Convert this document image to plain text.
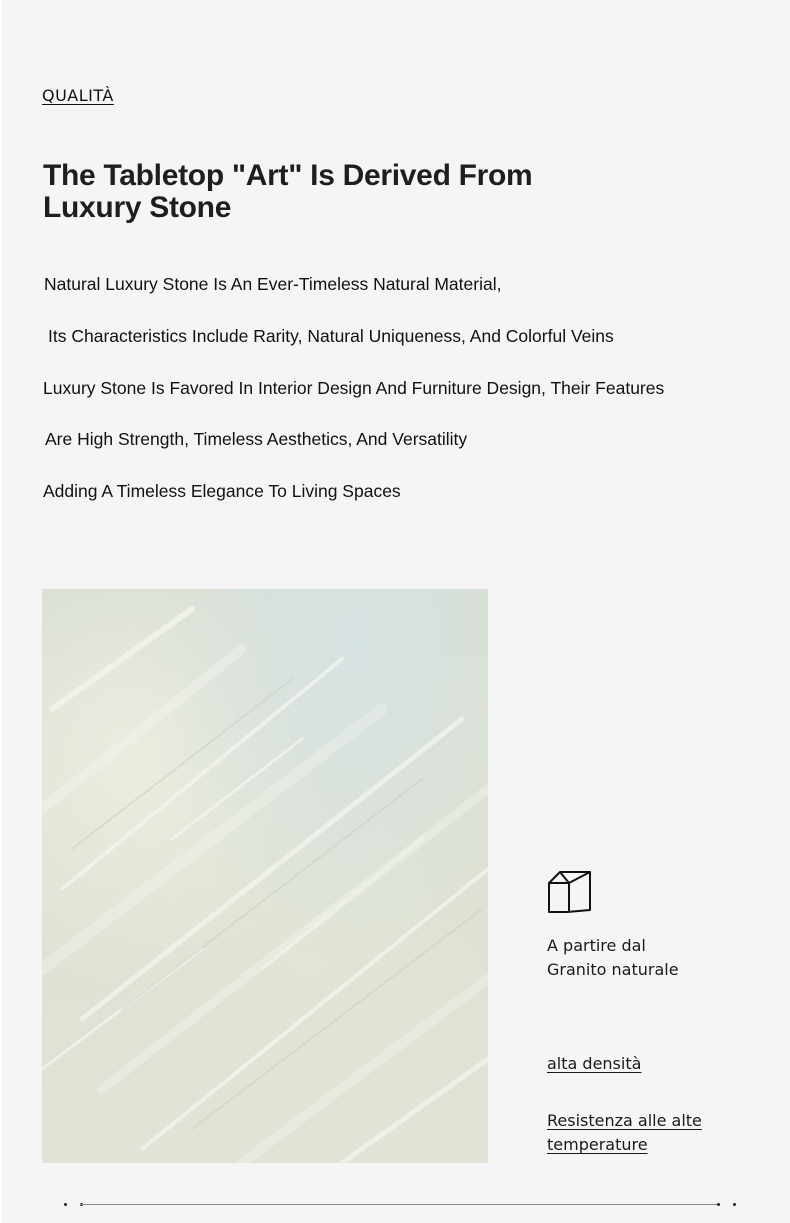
QUALITÀ
The Tabletop "Art" Is Derived From Luxury Stone
Natural Luxury Stone Is An Ever-Timeless Natural Material,
Its Characteristics Include Rarity, Natural Uniqueness, And Colorful Veins
Luxury Stone Is Favored In Interior Design And Furniture Design, Their Features
Are High Strength, Timeless Aesthetics, And Versatility
Adding A Timeless Elegance To Living Spaces
A partire dal
Granito naturale
alta densità
Resistenza alle alte
temperature
